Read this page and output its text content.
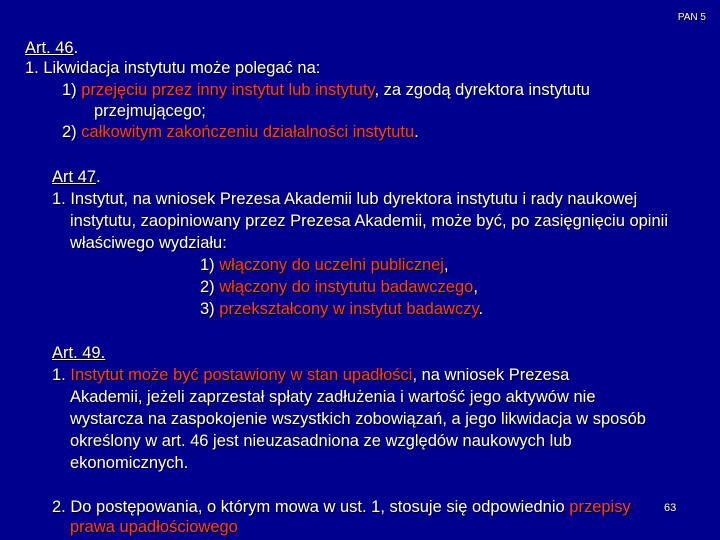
PAN 5
Art. 46.
1. Likwidacja instytutu może polegać na:
1) przejęciu przez inny instytut lub instytuty, za zgodą dyrektora instytutu
przejmującego;
2) całkowitym zakończeniu działalności instytutu.
Art 47.
1. Instytut, na wniosek Prezesa Akademii lub dyrektora instytutu i rady naukowej
instytutu, zaopiniowany przez Prezesa Akademii, może być, po zasięgnięciu opinii
właściwego wydziału:
1) włączony do uczelni publicznej,
2) włączony do instytutu badawczego,
3) przekształcony w instytut badawczy.
Art. 49.
1. Instytut może być postawiony w stan upadłości, na wniosek Prezesa
Akademii, jeżeli zaprzestał spłaty zadłużenia i wartość jego aktywów nie
wystarcza na zaspokojenie wszystkich zobowiązań, a jego likwidacja w sposób
określony w art. 46 jest nieuzasadniona ze względów naukowych lub
ekonomicznych.
2. Do postępowania, o którym mowa w ust. 1, stosuje się odpowiednio przepisy
prawa upadłościowego
63
